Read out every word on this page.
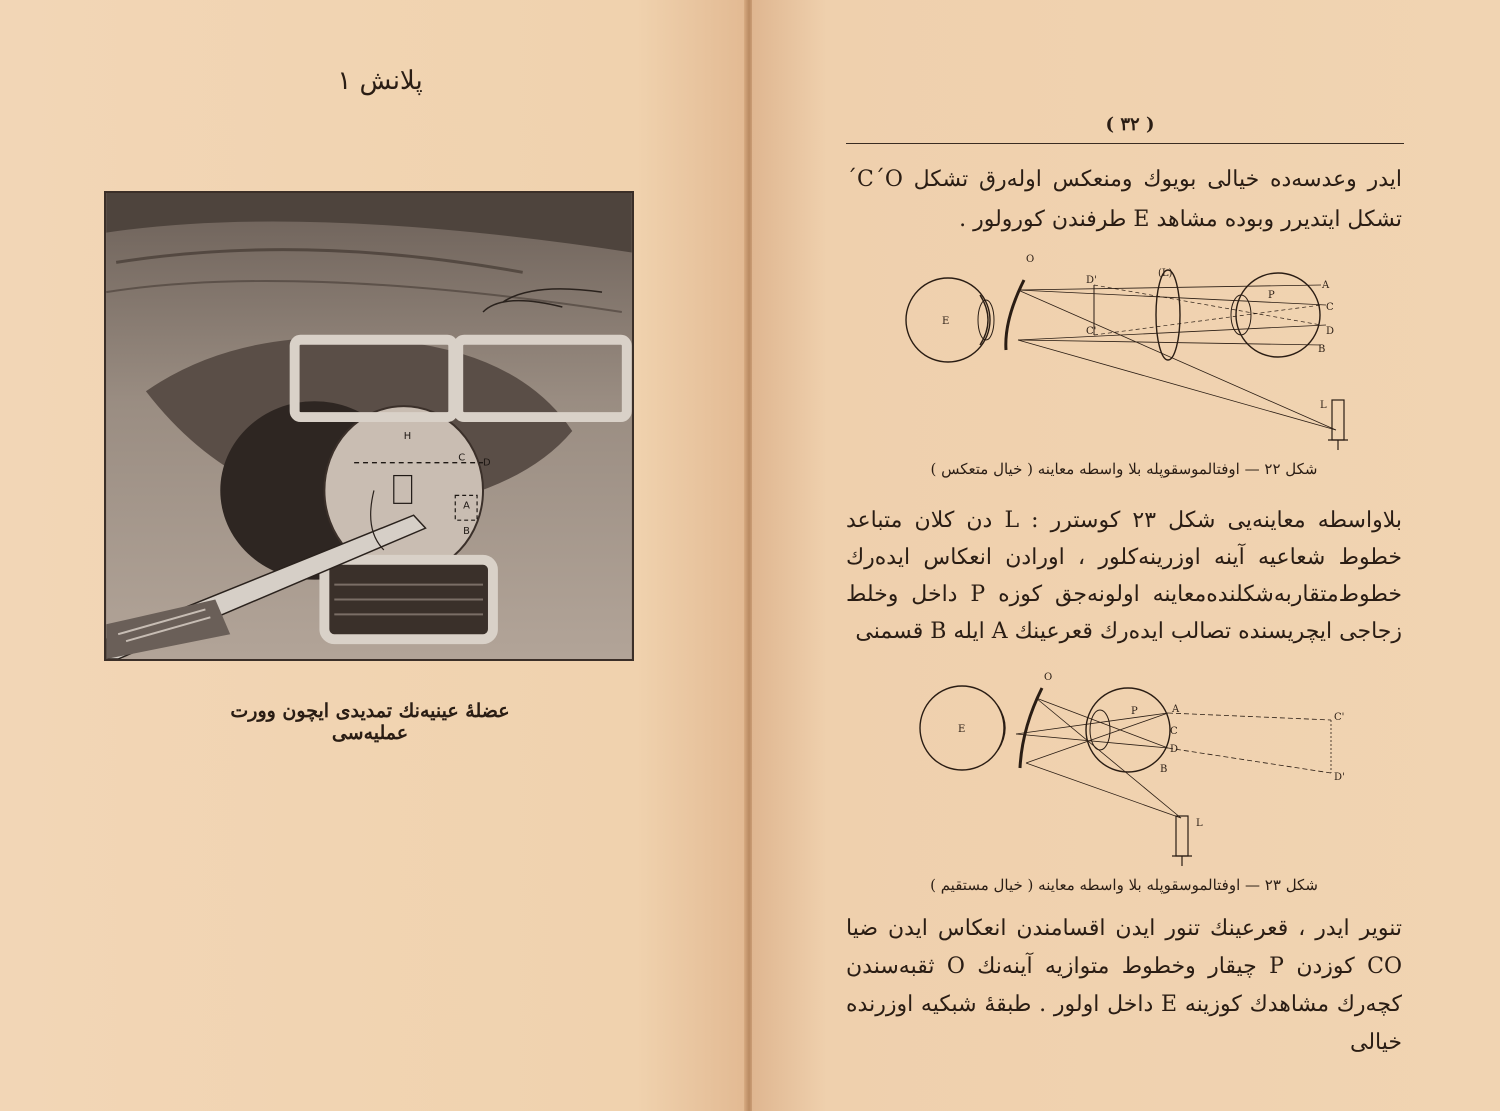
پلانش ۱
H
C D
A
B
عضلهٔ عینیه‌نك تمدیدی ایچون وورت عملیه‌سی
( ٣٢ )
ایدر وعدسه‌ده خیالی بویوك ومنعكس اوله‌رق تشكل C´O´ تشكل ایتدیرر وبوده مشاهد E طرفندن كورولور .
O
(L)
E
D'
C'
P
A
C
D
B
L
شكل ٢٢ — اوفتالموسقوپله بلا واسطه معاینه ( خیال متعكس )
بلاواسطه معاینه‌یی شكل ٢٣ كوسترر : L دن كلان متباعد خطوط شعاعیه آینه اوزرینه‌كلور ، اورادن انعكاس ایده‌رك خطوط‌متقاربه‌شكلنده‌معاینه اولونه‌جق كوزه P داخل وخلط زجاجی ایچریسنده تصالب ایده‌رك قعرعینك A ایله B قسمنی
O
E
P	A
C
D
B
C'
D'
L
شكل ٢٣ — اوفتالموسقوپله بلا واسطه معاینه ( خیال مستقیم )
تنویر ایدر ، قعرعینك تنور ایدن اقسامندن انعكاس ایدن ضیا CO كوزدن P چیقار وخطوط متوازیه آینه‌نك O ثقبه‌سندن كچه‌رك مشاهدك كوزینه E داخل اولور . طبقهٔ شبكیه اوزرنده خیالی
